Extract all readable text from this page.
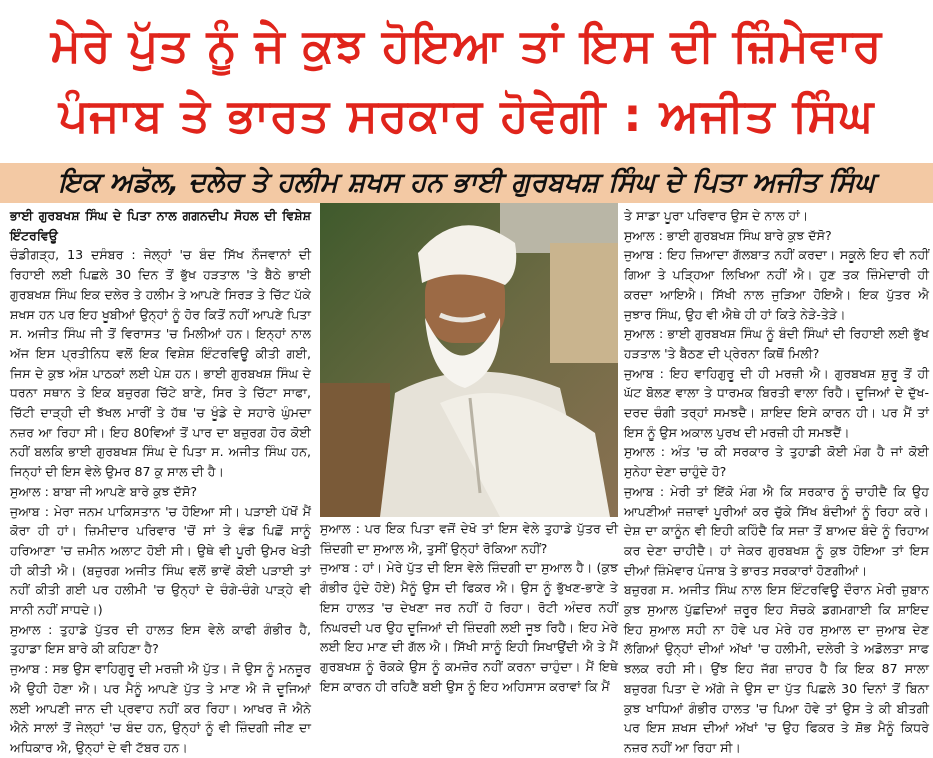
ਮੇਰੇ ਪੁੱਤ ਨੂੰ ਜੇ ਕੁਝ ਹੋਇਆ ਤਾਂ ਇਸ ਦੀ ਜ਼ਿੰਮੇਵਾਰ
ਪੰਜਾਬ ਤੇ ਭਾਰਤ ਸਰਕਾਰ ਹੋਵੇਗੀ : ਅਜੀਤ ਸਿੰਘ
ਇਕ ਅਡੋਲ, ਦਲੇਰ ਤੇ ਹਲੀਮ ਸ਼ਖਸ ਹਨ ਭਾਈ ਗੁਰਬਖਸ਼ ਸਿੰਘ ਦੇ ਪਿਤਾ ਅਜੀਤ ਸਿੰਘ

ਭਾਈ ਗੁਰਬਖਸ਼ ਸਿੰਘ ਦੇ ਪਿਤਾ ਨਾਲ ਗਗਨਦੀਪ ਸੋਹਲ ਦੀ ਵਿਸ਼ੇਸ਼ ਇੰਟਰਵਿਊ

ਚੰਡੀਗੜ੍ਹ, 13 ਦਸੰਬਰ : ਜੇਲ੍ਹਾਂ 'ਚ ਬੰਦ ਸਿੱਖ ਨੌਜਵਾਨਾਂ ਦੀ ਰਿਹਾਈ ਲਈ ਪਿਛਲੇ 30 ਦਿਨ ਤੋਂ ਭੁੱਖ ਹੜਤਾਲ 'ਤੇ ਬੈਠੇ ਭਾਈ ਗੁਰਬਖਸ਼ ਸਿੰਘ ਇਕ ਦਲੇਰ ਤੇ ਹਲੀਮ ਤੇ ਆਪਣੇ ਸਿਰੜ ਤੇ ਚਿੱਟ ਪੱਕੇ ਸ਼ਖਸ ਹਨ ਪਰ ਇਹ ਖੂਬੀਆਂ ਉਨ੍ਹਾਂ ਨੂੰ ਹੋਰ ਕਿਤੋਂ ਨਹੀਂ ਆਪਣੇ ਪਿਤਾ ਸ. ਅਜੀਤ ਸਿੰਘ ਜੀ ਤੋਂ ਵਿਰਾਸਤ 'ਚ ਮਿਲੀਆਂ ਹਨ। ਇਨ੍ਹਾਂ ਨਾਲ ਅੱਜ ਇਸ ਪ੍ਰਤੀਨਿਧ ਵਲੋਂ ਇਕ ਵਿਸ਼ੇਸ਼ ਇੰਟਰਵਿਊ ਕੀਤੀ ਗਈ, ਜਿਸ ਦੇ ਕੁਝ ਅੰਸ਼ ਪਾਠਕਾਂ ਲਈ ਪੇਸ਼ ਹਨ। ਭਾਈ ਗੁਰਬਖਸ਼ ਸਿੰਘ ਦੇ ਧਰਨਾ ਸਥਾਨ ਤੇ ਇਕ ਬਜ਼ੁਰਗ ਚਿੱਟੇ ਬਾਣੇ, ਸਿਰ ਤੇ ਚਿੱਟਾ ਸਾਫਾ, ਚਿੱਟੀ ਦਾੜ੍ਹੀ ਦੀ ਝੱਖਲ ਮਾਰੀਂ ਤੇ ਹੱਥ 'ਚ ਖੂੰਡੇ ਦੇ ਸਹਾਰੇ ਘੁੰਮਦਾ ਨਜ਼ਰ ਆ ਰਿਹਾ ਸੀ। ਇਹ 80ਵਿਆਂ ਤੋਂ ਪਾਰ ਦਾ ਬਜ਼ੁਰਗ ਹੋਰ ਕੋਈ ਨਹੀਂ ਬਲਕਿ ਭਾਈ ਗੁਰਬਖਸ਼ ਸਿੰਘ ਦੇ ਪਿਤਾ ਸ. ਅਜੀਤ ਸਿੰਘ ਹਨ, ਜਿਨ੍ਹਾਂ ਦੀ ਇਸ ਵੇਲੇ ਉਮਰ 87 ਕੁ ਸਾਲ ਦੀ ਹੈ।

ਸੁਆਲ : ਬਾਬਾ ਜੀ ਆਪਣੇ ਬਾਰੇ ਕੁਝ ਦੱਸੋ?

ਜੁਆਬ : ਮੇਰਾ ਜਨਮ ਪਾਕਿਸਤਾਨ 'ਚ ਹੋਇਆ ਸੀ। ਪੜਾਈ ਪੱਖੋਂ ਮੈਂ ਕੋਰਾ ਹੀ ਹਾਂ। ਜ਼ਿਮੀਦਾਰ ਪਰਿਵਾਰ 'ਚੋਂ ਸਾਂ ਤੇ ਵੰਡ ਪਿਛੋਂ ਸਾਨੂੰ ਹਰਿਆਣਾ 'ਚ ਜ਼ਮੀਨ ਅਲਾਟ ਹੋਈ ਸੀ। ਉਥੇ ਵੀ ਪੂਰੀ ਉਮਰ ਖੇਤੀ ਹੀ ਕੀਤੀ ਐ। (ਬਜ਼ੁਰਗ ਅਜੀਤ ਸਿੰਘ ਵਲੋਂ ਭਾਵੇਂ ਕੋਈ ਪੜਾਈ ਤਾਂ ਨਹੀਂ ਕੀਤੀ ਗਈ ਪਰ ਹਲੀਮੀ 'ਚ ਉਨ੍ਹਾਂ ਦੇ ਚੰਗੇ-ਚੰਗੇ ਪਾੜ੍ਹੇ ਵੀ ਸਾਨੀ ਨਹੀਂ ਸਾਧਦੇ।)

ਸੁਆਲ : ਤੁਹਾਡੇ ਪੁੱਤਰ ਦੀ ਹਾਲਤ ਇਸ ਵੇਲੇ ਕਾਫੀ ਗੰਭੀਰ ਹੈ, ਤੁਹਾਡਾ ਇਸ ਬਾਰੇ ਕੀ ਕਹਿਣਾ ਹੈ?

ਜੁਆਬ : ਸਭ ਉਸ ਵਾਹਿਗੁਰੂ ਦੀ ਮਰਜ਼ੀ ਐ ਪੁੱਤ। ਜੋ ਉਸ ਨੂੰ ਮਨਜ਼ੂਰ ਐ ਉਹੀ ਹੋਣਾ ਐ। ਪਰ ਮੈਨੂੰ ਆਪਣੇ ਪੁੱਤ ਤੇ ਮਾਣ ਐ ਜੋ ਦੂਜਿਆਂ ਲਈ ਆਪਣੀ ਜਾਨ ਦੀ ਪ੍ਰਵਾਹ ਨਹੀਂ ਕਰ ਰਿਹਾ। ਆਖਰ ਜੋ ਐਨੇ ਐਨੇ ਸਾਲਾਂ ਤੋਂ ਜੇਲ੍ਹਾਂ 'ਚ ਬੰਦ ਹਨ, ਉਨ੍ਹਾਂ ਨੂੰ ਵੀ ਜ਼ਿੰਦਗੀ ਜੀਣ ਦਾ ਅਧਿਕਾਰ ਐ, ਉਨ੍ਹਾਂ ਦੇ ਵੀ ਟੱਬਰ ਹਨ।

ਸੁਆਲ : ਪਰ ਇਕ ਪਿਤਾ ਵਜੋਂ ਦੇਖੋ ਤਾਂ ਇਸ ਵੇਲੇ ਤੁਹਾਡੇ ਪੁੱਤਰ ਦੀ ਜ਼ਿੰਦਗੀ ਦਾ ਸੁਆਲ ਐ, ਤੁਸੀਂ ਉਨ੍ਹਾਂ ਰੋਕਿਆ ਨਹੀਂ?

ਜੁਆਬ : ਹਾਂ। ਮੇਰੇ ਪੁੱਤ ਦੀ ਇਸ ਵੇਲੇ ਜ਼ਿੰਦਗੀ ਦਾ ਸੁਆਲ ਹੈ। (ਕੁਝ ਗੰਭੀਰ ਹੁੰਦੇ ਹੋਏ) ਮੈਨੂੰ ਉਸ ਦੀ ਫਿਕਰ ਐ। ਉਸ ਨੂੰ ਭੁੱਖਣ-ਭਾਣੇ ਤੇ ਇਸ ਹਾਲਤ 'ਚ ਦੇਖਣਾ ਜਰ ਨਹੀਂ ਹੋ ਰਿਹਾ। ਰੋਟੀ ਅੰਦਰ ਨਹੀਂ ਨਿਘਰਦੀ ਪਰ ਉਹ ਦੂਜਿਆਂ ਦੀ ਜ਼ਿੰਦਗੀ ਲਈ ਜੂਝ ਰਿਹੈ। ਇਹ ਮੇਰੇ ਲਈ ਇਹ ਮਾਣ ਦੀ ਗੱਲ ਐ। ਸਿੱਖੀ ਸਾਨੂੰ ਇਹੀ ਸਿਖਾਉਂਦੀ ਐ ਤੇ ਮੈਂ ਗੁਰਬਖਸ਼ ਨੂੰ ਰੋਕਕੇ ਉਸ ਨੂੰ ਕਮਜ਼ੋਰ ਨਹੀਂ ਕਰਨਾ ਚਾਹੁੰਦਾ। ਮੈਂ ਇਥੇ ਇਸ ਕਾਰਨ ਹੀ ਰਹਿਣੈ ਬਈ ਉਸ ਨੂੰ ਇਹ ਅਹਿਸਾਸ ਕਰਾਵਾਂ ਕਿ ਮੈਂ

ਤੇ ਸਾਡਾ ਪੂਰਾ ਪਰਿਵਾਰ ਉਸ ਦੇ ਨਾਲ ਹਾਂ।

ਸੁਆਲ : ਭਾਈ ਗੁਰਬਖਸ਼ ਸਿੰਘ ਬਾਰੇ ਕੁਝ ਦੱਸੋ?

ਜੁਆਬ : ਇਹ ਜ਼ਿਆਦਾ ਗੱਲਬਾਤ ਨਹੀਂ ਕਰਦਾ। ਸਕੂਲੇ ਇਹ ਵੀ ਨਹੀਂ ਗਿਆ ਤੇ ਪੜ੍ਹਿਆ ਲਿਖਿਆ ਨਹੀਂ ਐ। ਹੁਣ ਤਕ ਜ਼ਿੰਮੇਦਾਰੀ ਹੀ ਕਰਦਾ ਆਇਐ। ਸਿੱਖੀ ਨਾਲ ਜੁੜਿਆ ਹੋਇਐ। ਇਕ ਪੁੱਤਰ ਐ ਜੁਝਾਰ ਸਿੰਘ, ਉਹ ਵੀ ਐਥੇ ਹੀ ਹਾਂ ਕਿਤੇ ਨੇੜੇ-ਤੇੜੇ।

ਸੁਆਲ : ਭਾਈ ਗੁਰਬਖਸ਼ ਸਿੰਘ ਨੂੰ ਬੰਦੀ ਸਿੰਘਾਂ ਦੀ ਰਿਹਾਈ ਲਈ ਭੁੱਖ ਹੜਤਾਲ 'ਤੇ ਬੈਠਣ ਦੀ ਪ੍ਰੇਰਨਾ ਕਿਥੋਂ ਮਿਲੀ?

ਜੁਆਬ : ਇਹ ਵਾਹਿਗੁਰੂ ਦੀ ਹੀ ਮਰਜ਼ੀ ਐ। ਗੁਰਬਖਸ਼ ਸ਼ੁਰੂ ਤੋਂ ਹੀ ਘੱਟ ਬੋਲਣ ਵਾਲਾ ਤੇ ਧਾਰਮਕ ਬਿਰਤੀ ਵਾਲਾ ਰਿਹੈ। ਦੂਜਿਆਂ ਦੇ ਦੁੱਖ-ਦਰਦ ਚੰਗੀ ਤਰ੍ਹਾਂ ਸਮਝਦੈ। ਸ਼ਾਇਦ ਇਸੇ ਕਾਰਨ ਹੀ। ਪਰ ਮੈਂ ਤਾਂ ਇਸ ਨੂੰ ਉਸ ਅਕਾਲ ਪੁਰਖ ਦੀ ਮਰਜ਼ੀ ਹੀ ਸਮਝਦੈਂ।

ਸੁਆਲ : ਅੰਤ 'ਚ ਕੀ ਸਰਕਾਰ ਤੇ ਤੁਹਾਡੀ ਕੋਈ ਮੰਗ ਹੈ ਜਾਂ ਕੋਈ ਸੁਨੇਹਾ ਦੇਣਾ ਚਾਹੁੰਦੇ ਹੋ?

ਜੁਆਬ : ਮੇਰੀ ਤਾਂ ਇੱਕੋ ਮੰਗ ਐ ਕਿ ਸਰਕਾਰ ਨੂੰ ਚਾਹੀਦੈ ਕਿ ਉਹ ਆਪਣੀਆਂ ਜਜ਼ਾਵਾਂ ਪੂਰੀਆਂ ਕਰ ਚੁੱਕੇ ਸਿੱਖ ਬੰਦੀਆਂ ਨੂੰ ਰਿਹਾ ਕਰੇ। ਦੇਸ਼ ਦਾ ਕਾਨੂੰਨ ਵੀ ਇਹੀ ਕਹਿੰਦੈ ਕਿ ਸਜ਼ਾ ਤੋਂ ਬਾਅਦ ਬੰਦੇ ਨੂੰ ਰਿਹਾਅ ਕਰ ਦੇਣਾ ਚਾਹੀਦੈ। ਹਾਂ ਜੇਕਰ ਗੁਰਬਖਸ਼ ਨੂੰ ਕੁਝ ਹੋਇਆ ਤਾਂ ਇਸ ਦੀਆਂ ਜ਼ਿੰਮੇਵਾਰ ਪੰਜਾਬ ਤੇ ਭਾਰਤ ਸਰਕਾਰਾਂ ਹੋਣਗੀਆਂ।

ਬਜ਼ੁਰਗ ਸ. ਅਜੀਤ ਸਿੰਘ ਨਾਲ ਇਸ ਇੰਟਰਵਿਊ ਦੌਰਾਨ ਮੇਰੀ ਜ਼ੁਬਾਨ ਕੁਝ ਸੁਆਲ ਪੁੱਛਦਿਆਂ ਜ਼ਰੂਰ ਇਹ ਸੋਚਕੇ ਡਗਮਗਾਈ ਕਿ ਸ਼ਾਇਦ ਇਹ ਸੁਆਲ ਸਹੀ ਨਾ ਹੋਵੇ ਪਰ ਮੇਰੇ ਹਰ ਸੁਆਲ ਦਾ ਜੁਆਬ ਦੇਣ ਲੱਗਿਆਂ ਉਨ੍ਹਾਂ ਦੀਆਂ ਅੱਖਾਂ 'ਚ ਹਲੀਮੀ, ਦਲੇਰੀ ਤੇ ਅਡੋਲਤਾ ਸਾਫ ਝਲਕ ਰਹੀ ਸੀ। ਉਂਝ ਇਹ ਜੱਗ ਜ਼ਾਹਰ ਹੈ ਕਿ ਇਕ 87 ਸਾਲਾ ਬਜ਼ੁਰਗ ਪਿਤਾ ਦੇ ਅੱਗੇ ਜੇ ਉਸ ਦਾ ਪੁੱਤ ਪਿਛਲੇ 30 ਦਿਨਾਂ ਤੋਂ ਬਿਨਾ ਕੁਝ ਖਾਧਿਆਂ ਗੰਭੀਰ ਹਾਲਤ 'ਚ ਪਿਆ ਹੋਵੇ ਤਾਂ ਉਸ ਤੇ ਕੀ ਬੀਤਗੀ ਪਰ ਇਸ ਸ਼ਖਸ ਦੀਆਂ ਅੱਖਾਂ 'ਚ ਉਹ ਫਿਕਰ ਤੇ ਸ਼ੋਭ ਮੈਨੂੰ ਕਿਧਰੇ ਨਜ਼ਰ ਨਹੀਂ ਆ ਰਿਹਾ ਸੀ।
